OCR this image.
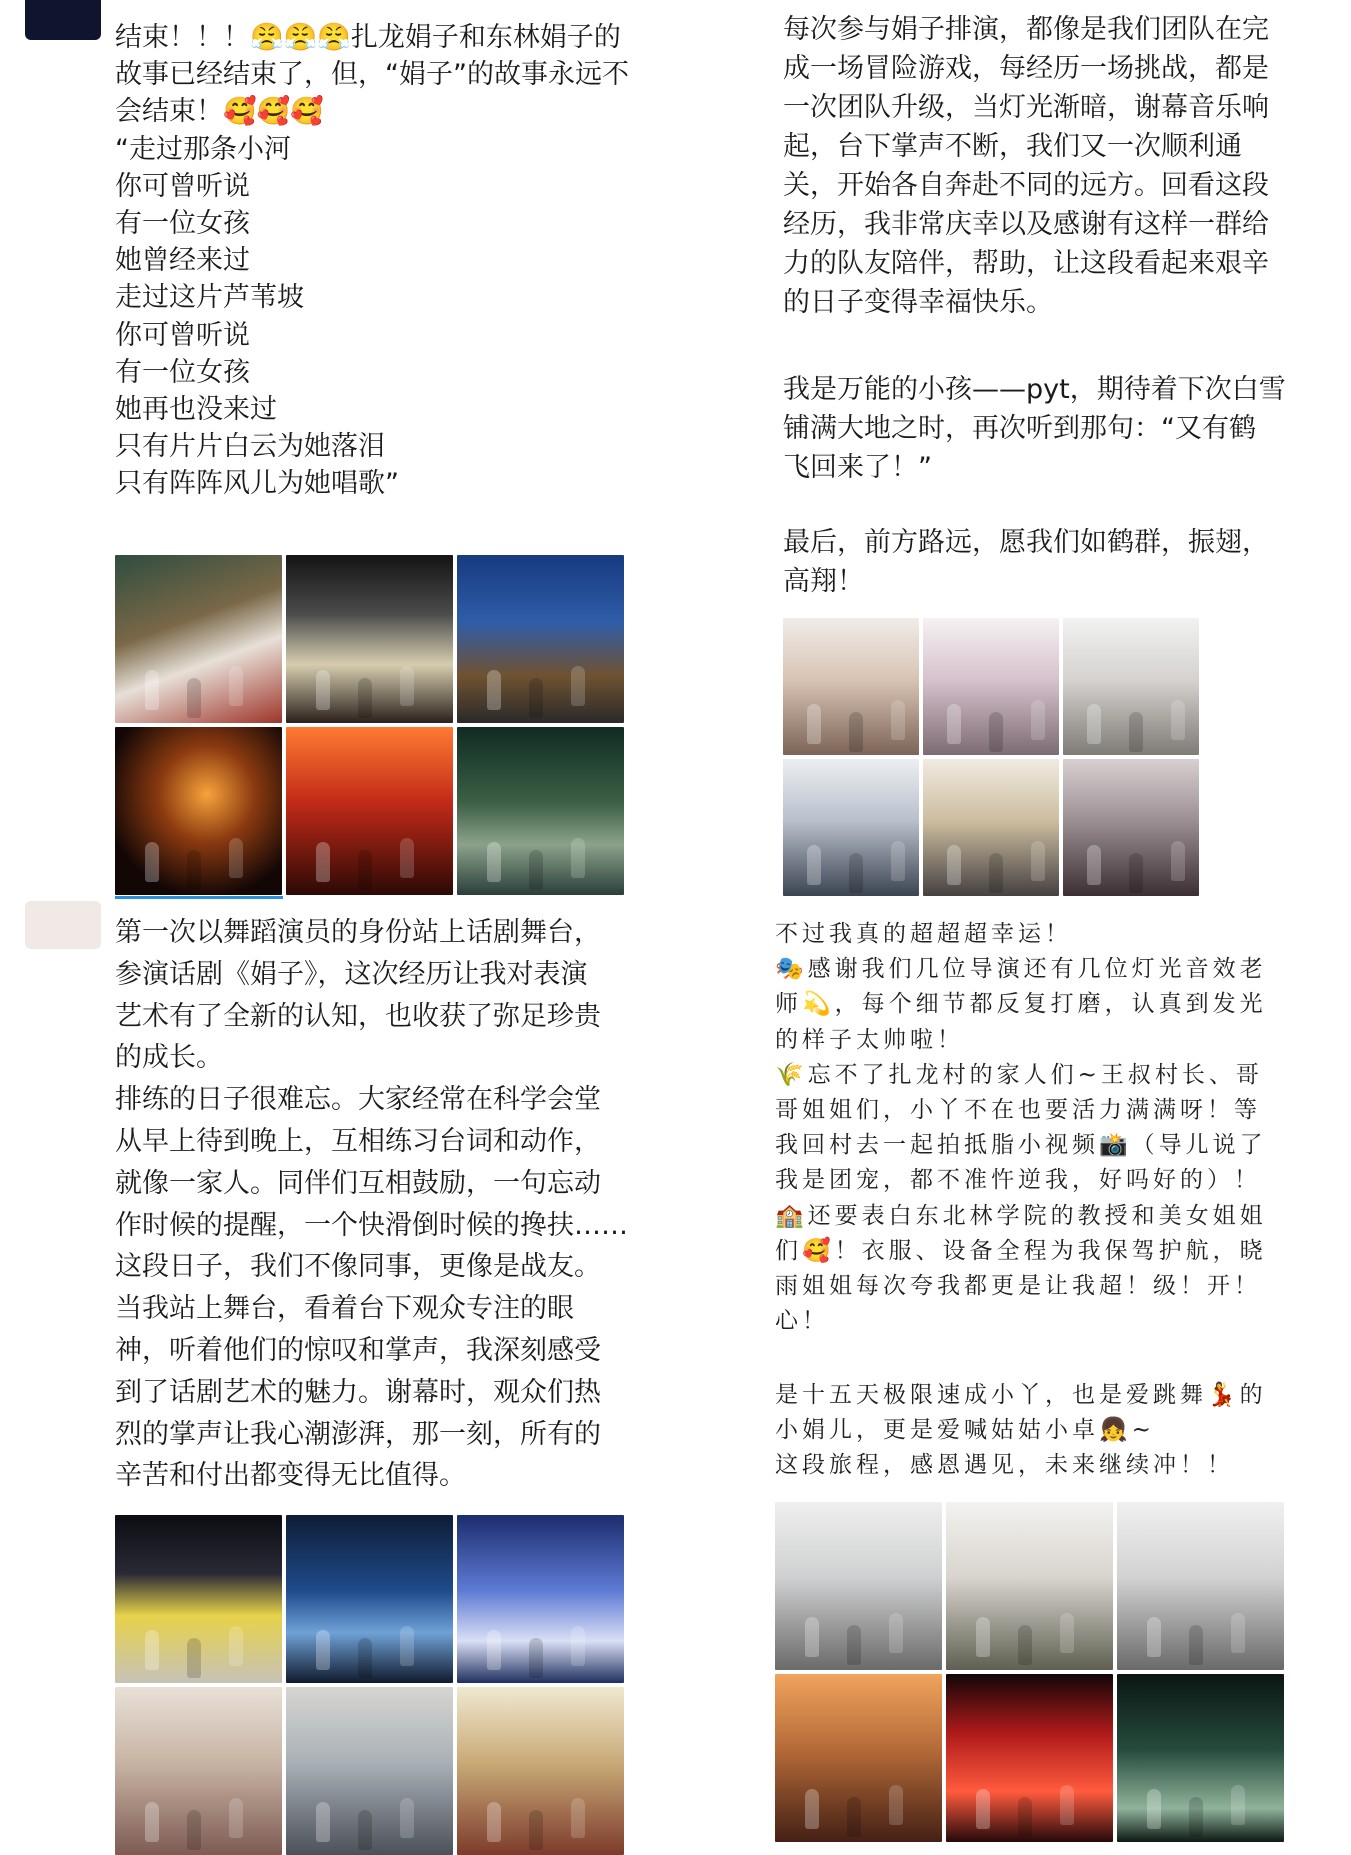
结束！！！😤😤😤扎龙娟子和东林娟子的
故事已经结束了，但，“娟子”的故事永远不
会结束！🥰🥰🥰
“走过那条小河
你可曾听说
有一位女孩
她曾经来过
走过这片芦苇坡
你可曾听说
有一位女孩
她再也没来过
只有片片白云为她落泪
只有阵阵风儿为她唱歌”
第一次以舞蹈演员的身份站上话剧舞台，
参演话剧《娟子》，这次经历让我对表演
艺术有了全新的认知，也收获了弥足珍贵
的成长。
排练的日子很难忘。大家经常在科学会堂
从早上待到晚上，互相练习台词和动作，
就像一家人。同伴们互相鼓励，一句忘动
作时候的提醒，一个快滑倒时候的搀扶……
这段日子，我们不像同事，更像是战友。
当我站上舞台，看着台下观众专注的眼
神，听着他们的惊叹和掌声，我深刻感受
到了话剧艺术的魅力。谢幕时，观众们热
烈的掌声让我心潮澎湃，那一刻，所有的
辛苦和付出都变得无比值得。
每次参与娟子排演，都像是我们团队在完
成一场冒险游戏，每经历一场挑战，都是
一次团队升级，当灯光渐暗，谢幕音乐响
起，台下掌声不断，我们又一次顺利通
关，开始各自奔赴不同的远方。回看这段
经历，我非常庆幸以及感谢有这样一群给
力的队友陪伴，帮助，让这段看起来艰辛
的日子变得幸福快乐。
我是万能的小孩——pyt，期待着下次白雪
铺满大地之时，再次听到那句：“又有鹤
飞回来了！”
最后，前方路远，愿我们如鹤群，振翅，
高翔！
不过我真的超超超幸运！
🎭感谢我们几位导演还有几位灯光音效老
师💫，每个细节都反复打磨，认真到发光
的样子太帅啦！
🌾忘不了扎龙村的家人们~王叔村长、哥
哥姐姐们，小丫不在也要活力满满呀！等
我回村去一起拍抵脂小视频📸（导儿说了
我是团宠，都不准忤逆我，好吗好的）！
🏫还要表白东北林学院的教授和美女姐姐
们🥰！衣服、设备全程为我保驾护航，晓
雨姐姐每次夸我都更是让我超！级！开！
心！
是十五天极限速成小丫，也是爱跳舞💃的
小娟儿，更是爱喊姑姑小卓👧~
这段旅程，感恩遇见，未来继续冲！！
